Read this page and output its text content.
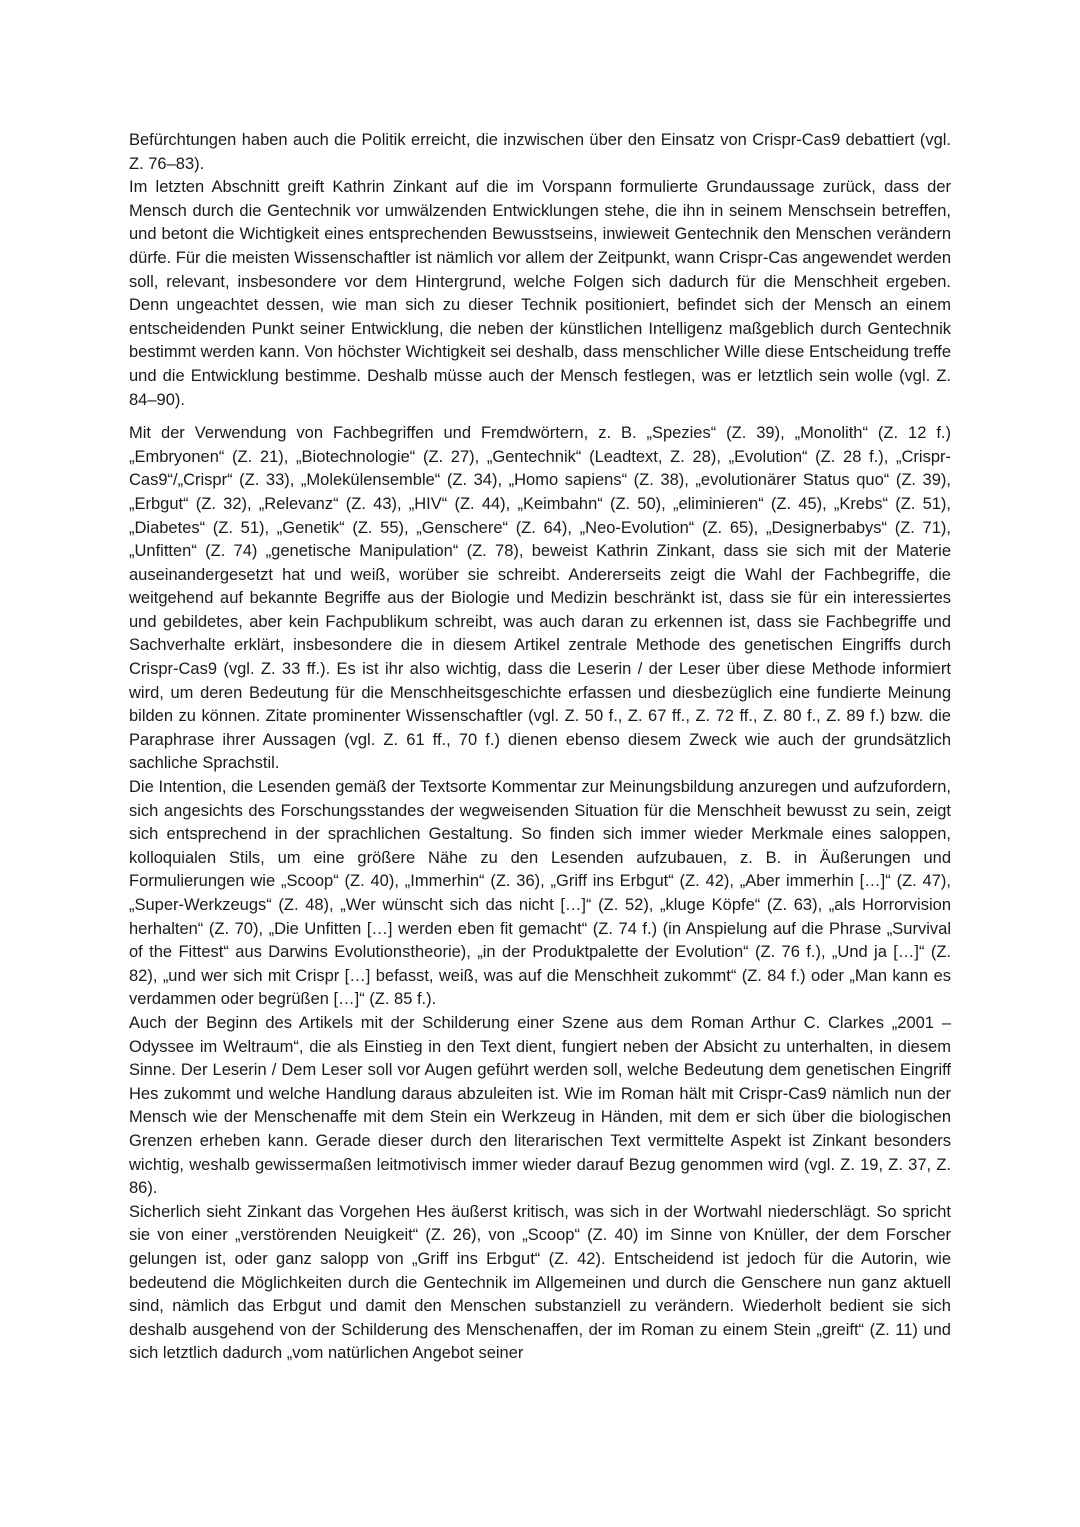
Befürchtungen haben auch die Politik erreicht, die inzwischen über den Einsatz von Crispr-Cas9 debattiert (vgl. Z. 76–83).

Im letzten Abschnitt greift Kathrin Zinkant auf die im Vorspann formulierte Grundaussage zurück, dass der Mensch durch die Gentechnik vor umwälzenden Entwicklungen stehe, die ihn in seinem Menschsein betreffen, und betont die Wichtigkeit eines entsprechenden Bewusstseins, inwieweit Gentechnik den Menschen verändern dürfe. Für die meisten Wissenschaftler ist nämlich vor allem der Zeitpunkt, wann Crispr-Cas angewendet werden soll, relevant, insbesondere vor dem Hintergrund, welche Folgen sich dadurch für die Menschheit ergeben. Denn ungeachtet dessen, wie man sich zu dieser Technik positioniert, befindet sich der Mensch an einem entscheidenden Punkt seiner Entwicklung, die neben der künstlichen Intelligenz maßgeblich durch Gentechnik bestimmt werden kann. Von höchster Wichtigkeit sei deshalb, dass menschlicher Wille diese Entscheidung treffe und die Entwicklung bestimme. Deshalb müsse auch der Mensch festlegen, was er letztlich sein wolle (vgl. Z. 84–90).

Mit der Verwendung von Fachbegriffen und Fremdwörtern, z. B. „Spezies“ (Z. 39), „Monolith“ (Z. 12 f.) „Embryonen“ (Z. 21), „Biotechnologie“ (Z. 27), „Gentechnik“ (Leadtext, Z. 28), „Evolution“ (Z. 28 f.), „Crispr-Cas9“/„Crispr“ (Z. 33), „Molekülensemble“ (Z. 34), „Homo sapiens“ (Z. 38), „evolutionärer Status quo“ (Z. 39), „Erbgut“ (Z. 32), „Relevanz“ (Z. 43), „HIV“ (Z. 44), „Keimbahn“ (Z. 50), „eliminieren“ (Z. 45), „Krebs“ (Z. 51), „Diabetes“ (Z. 51), „Genetik“ (Z. 55), „Genschere“ (Z. 64), „Neo-Evolution“ (Z. 65), „Designerbabys“ (Z. 71), „Unfitten“ (Z. 74) „genetische Manipulation“ (Z. 78), beweist Kathrin Zinkant, dass sie sich mit der Materie auseinandergesetzt hat und weiß, worüber sie schreibt. Andererseits zeigt die Wahl der Fachbegriffe, die weitgehend auf bekannte Begriffe aus der Biologie und Medizin beschränkt ist, dass sie für ein interessiertes und gebildetes, aber kein Fachpublikum schreibt, was auch daran zu erkennen ist, dass sie Fachbegriffe und Sachverhalte erklärt, insbesondere die in diesem Artikel zentrale Methode des genetischen Eingriffs durch Crispr-Cas9 (vgl. Z. 33 ff.). Es ist ihr also wichtig, dass die Leserin / der Leser über diese Methode informiert wird, um deren Bedeutung für die Menschheitsgeschichte erfassen und diesbezüglich eine fundierte Meinung bilden zu können. Zitate prominenter Wissenschaftler (vgl. Z. 50 f., Z. 67 ff., Z. 72 ff., Z. 80 f., Z. 89 f.) bzw. die Paraphrase ihrer Aussagen (vgl. Z. 61 ff., 70 f.) dienen ebenso diesem Zweck wie auch der grundsätzlich sachliche Sprachstil.

Die Intention, die Lesenden gemäß der Textsorte Kommentar zur Meinungsbildung anzuregen und aufzufordern, sich angesichts des Forschungsstandes der wegweisenden Situation für die Menschheit bewusst zu sein, zeigt sich entsprechend in der sprachlichen Gestaltung. So finden sich immer wieder Merkmale eines saloppen, kolloquialen Stils, um eine größere Nähe zu den Lesenden aufzubauen, z. B. in Äußerungen und Formulierungen wie „Scoop“ (Z. 40), „Immerhin“ (Z. 36), „Griff ins Erbgut“ (Z. 42), „Aber immerhin […]“ (Z. 47), „Super-Werkzeugs“ (Z. 48), „Wer wünscht sich das nicht […]“ (Z. 52), „kluge Köpfe“ (Z. 63), „als Horrorvision herhalten“ (Z. 70), „Die Unfitten […] werden eben fit gemacht“ (Z. 74 f.) (in Anspielung auf die Phrase „Survival of the Fittest“ aus Darwins Evolutionstheorie), „in der Produktpalette der Evolution“ (Z. 76 f.), „Und ja […]“ (Z. 82), „und wer sich mit Crispr […] befasst, weiß, was auf die Menschheit zukommt“ (Z. 84 f.) oder „Man kann es verdammen oder begrüßen […]“ (Z. 85 f.).

Auch der Beginn des Artikels mit der Schilderung einer Szene aus dem Roman Arthur C. Clarkes „2001 – Odyssee im Weltraum“, die als Einstieg in den Text dient, fungiert neben der Absicht zu unterhalten, in diesem Sinne. Der Leserin / Dem Leser soll vor Augen geführt werden soll, welche Bedeutung dem genetischen Eingriff Hes zukommt und welche Handlung daraus abzuleiten ist. Wie im Roman hält mit Crispr-Cas9 nämlich nun der Mensch wie der Menschenaffe mit dem Stein ein Werkzeug in Händen, mit dem er sich über die biologischen Grenzen erheben kann. Gerade dieser durch den literarischen Text vermittelte Aspekt ist Zinkant besonders wichtig, weshalb gewissermaßen leitmotivisch immer wieder darauf Bezug genommen wird (vgl. Z. 19, Z. 37, Z. 86).

Sicherlich sieht Zinkant das Vorgehen Hes äußerst kritisch, was sich in der Wortwahl niederschlägt. So spricht sie von einer „verstörenden Neuigkeit“ (Z. 26), von „Scoop“ (Z. 40) im Sinne von Knüller, der dem Forscher gelungen ist, oder ganz salopp von „Griff ins Erbgut“ (Z. 42). Entscheidend ist jedoch für die Autorin, wie bedeutend die Möglichkeiten durch die Gentechnik im Allgemeinen und durch die Genschere nun ganz aktuell sind, nämlich das Erbgut und damit den Menschen substanziell zu verändern. Wiederholt bedient sie sich deshalb ausgehend von der Schilderung des Menschenaffen, der im Roman zu einem Stein „greift“ (Z. 11) und sich letztlich dadurch „vom natürlichen Angebot seiner
